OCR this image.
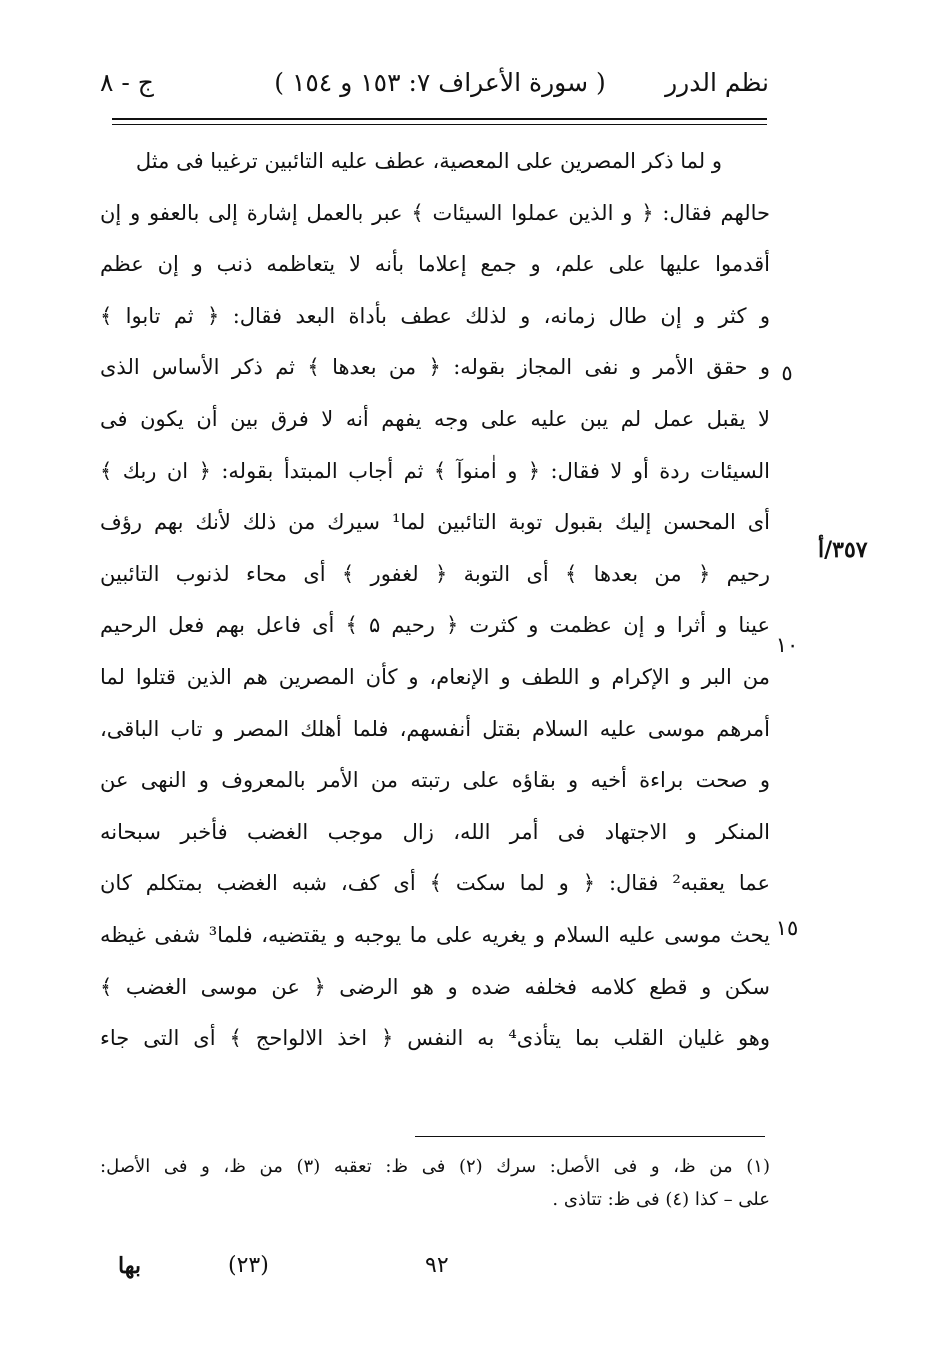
نظم الدرر
( سورة الأعراف ٧: ١٥٣ و ١٥٤ )
ج - ٨
٣٥٧/أ
٥
١٠
١٥
و لما ذكر المصرين على المعصية، عطف عليه التائبين ترغيبا فى مثل
حالهم فقال: ﴿ و الذين عملوا السيئات ﴾ عبر بالعمل إشارة إلى بالعفو و إن
أقدموا عليها على علم، و جمع إعلاما بأنه لا يتعاظمه ذنب و إن عظم
و كثر و إن طال زمانه، و لذلك عطف بأداة البعد فقال: ﴿ ثم تابوا ﴾
و حقق الأمر و نفى المجاز بقوله: ﴿ من بعدها ﴾ ثم ذكر الأساس الذى
لا يقبل عمل لم يبن عليه على وجه يفهم أنه لا فرق بين أن يكون فى
السيئات ردة أو لا فقال: ﴿ و اٰمنوآ ﴾ ثم أجاب المبتدأ بقوله: ﴿ ان ربك ﴾
أى المحسن إليك بقبول توبة التائبين لما¹ سيرك من ذلك لأنك بهم رؤف
رحيم ﴿ من بعدها ﴾ أى التوبة ﴿ لغفور ﴾ أى محاء لذنوب التائبين
عينا و أثرا و إن عظمت و كثرت ﴿ رحيم ۵ ﴾ أى فاعل بهم فعل الرحيم
من البر و الإكرام و اللطف و الإنعام، و كأن المصرين هم الذين قتلوا لما
أمرهم موسى عليه السلام بقتل أنفسهم، فلما أهلك المصر و تاب الباقى،
و صحت براءة أخيه و بقاؤه على رتبته من الأمر بالمعروف و النهى عن
المنكر و الاجتهاد فى أمر الله، زال موجب الغضب فأخبر سبحانه
عما يعقبه² فقال: ﴿ و لما سكت ﴾ أى كف، شبه الغضب بمتكلم كان
يحث موسى عليه السلام و يغريه على ما يوجبه و يقتضيه، فلما³ شفى غيظه
سكن و قطع كلامه فخلفه ضده و هو الرضى ﴿ عن موسى الغضب ﴾
وهو غليان القلب بما يتأذى⁴ به النفس ﴿ اخذ الالواحج ﴾ أى التى جاء
(١) من ظ، و فى الأصل: سرك (٢) فى ظ: تعقبه (٣) من ظ، و فى الأصل:
على – كذا (٤) فى ظ: تتاذى .
٩٢
(٢٣)
بها
